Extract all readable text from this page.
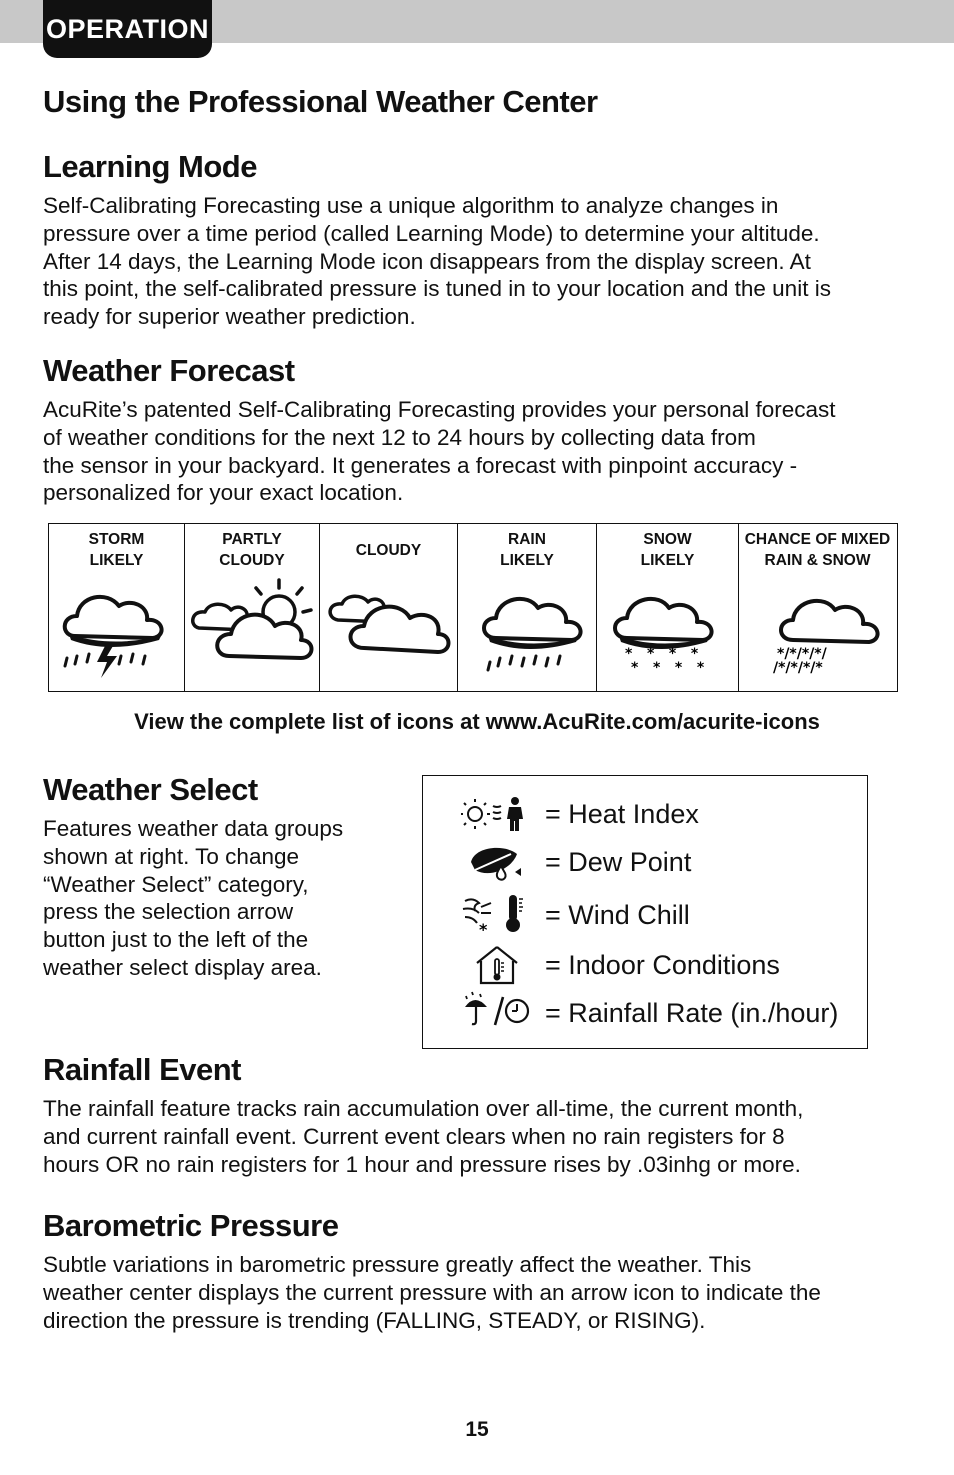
OPERATION
Using the Professional Weather Center
Learning Mode
Self-Calibrating Forecasting use a unique algorithm to analyze changes in
pressure over a time period (called Learning Mode) to determine your altitude.
After 14 days, the Learning Mode icon disappears from the display screen. At
this point, the self-calibrated pressure is tuned in to your location and the unit is
ready for superior weather prediction.
Weather Forecast
AcuRite’s patented Self-Calibrating Forecasting provides your personal forecast
of weather conditions for the next 12 to 24 hours by collecting data from
the sensor in your backyard. It generates a forecast with pinpoint accuracy -
personalized for your exact location.
STORM
LIKELY
PARTLY
CLOUDY
CLOUDY
RAIN
LIKELY
SNOW
LIKELY
*   *   *   *
*   *   *   *
CHANCE OF MIXED
RAIN & SNOW
*/*/*/*/
/*/*/*/*
View the complete list of icons at www.AcuRite.com/acurite-icons
Weather Select
Features weather data groups
shown at right. To change
“Weather Select” category,
press the selection arrow
button just to the left of the
weather select display area.
= Heat Index
= Dew Point
* = Wind Chill
= Indoor Conditions
= Rainfall Rate (in./hour)
Rainfall Event
The rainfall feature tracks rain accumulation over all-time, the current month,
and current rainfall event. Current event clears when no rain registers for 8
hours OR no rain registers for 1 hour and pressure rises by .03inhg or more.
Barometric Pressure
Subtle variations in barometric pressure greatly affect the weather. This
weather center displays the current pressure with an arrow icon to indicate the
direction the pressure is trending (FALLING, STEADY, or RISING).
15
